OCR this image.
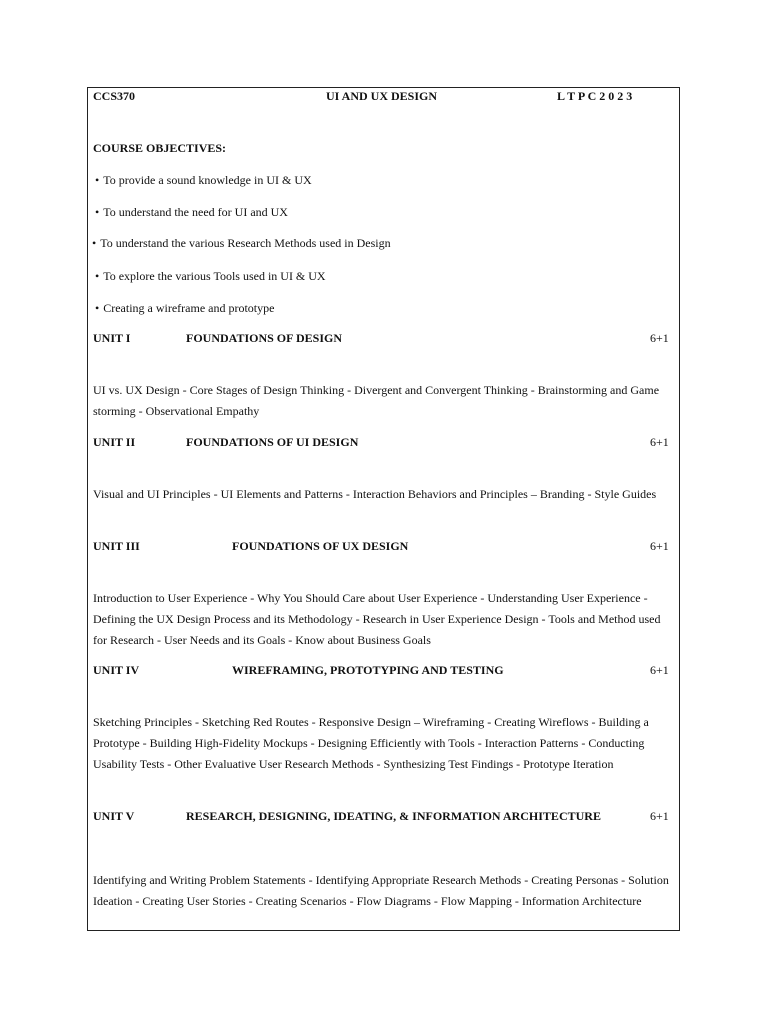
CCS370	UI AND UX DESIGN	L T P C 2 0 2 3
COURSE OBJECTIVES:
• To provide a sound knowledge in UI & UX
• To understand the need for UI and UX
• To understand the various Research Methods used in Design
• To explore the various Tools used in UI & UX
• Creating a wireframe and prototype
UNIT I	FOUNDATIONS OF DESIGN	6+1
UI vs. UX Design - Core Stages of Design Thinking - Divergent and Convergent Thinking - Brainstorming and Game storming - Observational Empathy
UNIT II	FOUNDATIONS OF UI DESIGN	6+1
Visual and UI Principles - UI Elements and Patterns - Interaction Behaviors and Principles – Branding - Style Guides
UNIT III	FOUNDATIONS OF UX DESIGN	6+1
Introduction to User Experience - Why You Should Care about User Experience - Understanding User Experience - Defining the UX Design Process and its Methodology - Research in User Experience Design - Tools and Method used for Research - User Needs and its Goals - Know about Business Goals
UNIT IV	WIREFRAMING, PROTOTYPING AND TESTING	6+1
Sketching Principles - Sketching Red Routes - Responsive Design – Wireframing - Creating Wireflows - Building a Prototype - Building High-Fidelity Mockups - Designing Efficiently with Tools - Interaction Patterns - Conducting Usability Tests - Other Evaluative User Research Methods - Synthesizing Test Findings - Prototype Iteration
UNIT V	RESEARCH, DESIGNING, IDEATING, & INFORMATION ARCHITECTURE	6+1
Identifying and Writing Problem Statements - Identifying Appropriate Research Methods - Creating Personas - Solution Ideation - Creating User Stories - Creating Scenarios - Flow Diagrams - Flow Mapping - Information Architecture
